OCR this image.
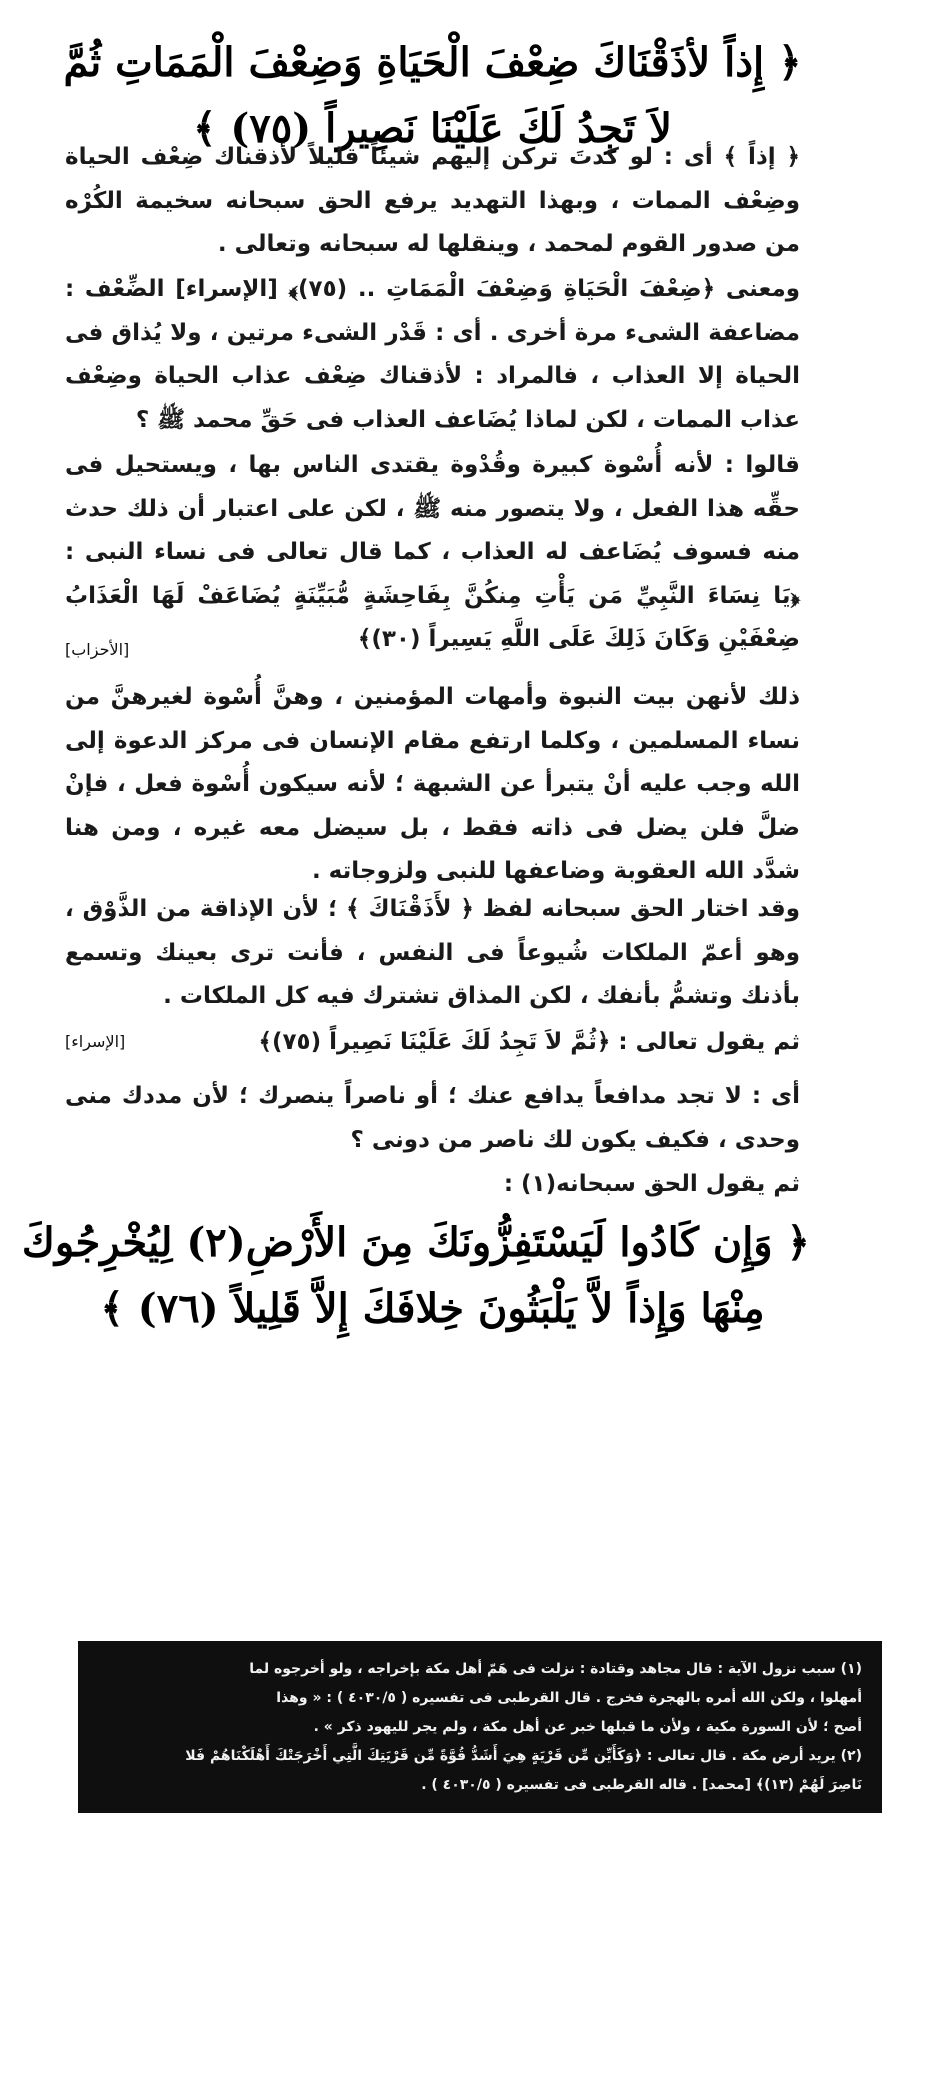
﴿ إِذاً لأذَقْنَاكَ ضِعْفَ الْحَيَاةِ وَضِعْفَ الْمَمَاتِ ثُمَّ
لاَ تَجِدُ لَكَ عَلَيْنَا نَصِيراً (٧٥) ﴾
﴿ إذاً ﴾ أى : لو كدتَ تركن إليهم شيئاً قليلاً لأذقناك ضِعْف الحياة وضِعْف الممات ، وبهذا التهديد يرفع الحق سبحانه سخيمة الكُرْه من صدور القوم لمحمد ، وينقلها له سبحانه وتعالى .
ومعنى ﴿ضِعْفَ الْحَيَاةِ وَضِعْفَ الْمَمَاتِ .. (٧٥)﴾ [الإسراء] الضِّعْف : مضاعفة الشىء مرة أخرى . أى : قَدْر الشىء مرتين ، ولا يُذاق فى الحياة إلا العذاب ، فالمراد : لأذقناك ضِعْف عذاب الحياة وضِعْف عذاب الممات ، لكن لماذا يُضَاعف العذاب فى حَقِّ محمد ﷺ ؟
قالوا : لأنه أُسْوة كبيرة وقُدْوة يقتدى الناس بها ، ويستحيل فى حقِّه هذا الفعل ، ولا يتصور منه ﷺ ، لكن على اعتبار أن ذلك حدث منه فسوف يُضَاعف له العذاب ، كما قال تعالى فى نساء النبى : ﴿يَا نِسَاءَ النَّبِيِّ مَن يَأْتِ مِنكُنَّ بِفَاحِشَةٍ مُّبَيِّنَةٍ يُضَاعَفْ لَهَا الْعَذَابُ ضِعْفَيْنِ وَكَانَ ذَلِكَ عَلَى اللَّهِ يَسِيراً (٣٠)﴾
[الأحزاب]
ذلك لأنهن بيت النبوة وأمهات المؤمنين ، وهنَّ أُسْوة لغيرهنَّ من نساء المسلمين ، وكلما ارتفع مقام الإنسان فى مركز الدعوة إلى الله وجب عليه أنْ يتبرأ عن الشبهة ؛ لأنه سيكون أُسْوة فعل ، فإنْ ضلَّ فلن يضل فى ذاته فقط ، بل سيضل معه غيره ، ومن هنا شدَّد الله العقوبة وضاعفها للنبى ولزوجاته .
وقد اختار الحق سبحانه لفظ ﴿ لأَذَقْنَاكَ ﴾ ؛ لأن الإذاقة من الذَّوْق ، وهو أعمّ الملكات شُيوعاً فى النفس ، فأنت ترى بعينك وتسمع بأذنك وتشمُّ بأنفك ، لكن المذاق تشترك فيه كل الملكات .
ثم يقول تعالى : ﴿ثُمَّ لاَ تَجِدُ لَكَ عَلَيْنَا نَصِيراً (٧٥)﴾
[الإسراء]
أى : لا تجد مدافعاً يدافع عنك ؛ أو ناصراً ينصرك ؛ لأن مددك منى وحدى ، فكيف يكون لك ناصر من دونى ؟
ثم يقول الحق سبحانه(١) :
﴿ وَإِن كَادُوا لَيَسْتَفِزُّونَكَ مِنَ الأَرْضِ(٢) لِيُخْرِجُوكَ
مِنْهَا وَإِذاً لاَّ يَلْبَثُونَ خِلافَكَ إِلاَّ قَلِيلاً (٧٦) ﴾
(١) سبب نزول الآية : قال مجاهد وقتادة : نزلت فى هَمّ أهل مكة بإخراجه ، ولو أخرجوه لما
أمهلوا ، ولكن الله أمره بالهجرة فخرج . قال القرطبى فى تفسيره ( ٤٠٣٠/٥ ) : « وهذا
أصح ؛ لأن السورة مكية ، ولأن ما قبلها خبر عن أهل مكة ، ولم يجر لليهود ذكر » .
(٢) يريد أرض مكة . قال تعالى : ﴿وَكَأَيِّن مِّن قَرْيَةٍ هِيَ أَشَدُّ قُوَّةً مِّن قَرْيَتِكَ الَّتِي أَخْرَجَتْكَ أَهْلَكْنَاهُمْ فَلا
نَاصِرَ لَهُمْ (١٣)﴾ [محمد] . قاله القرطبى فى تفسيره ( ٤٠٣٠/٥ ) .
